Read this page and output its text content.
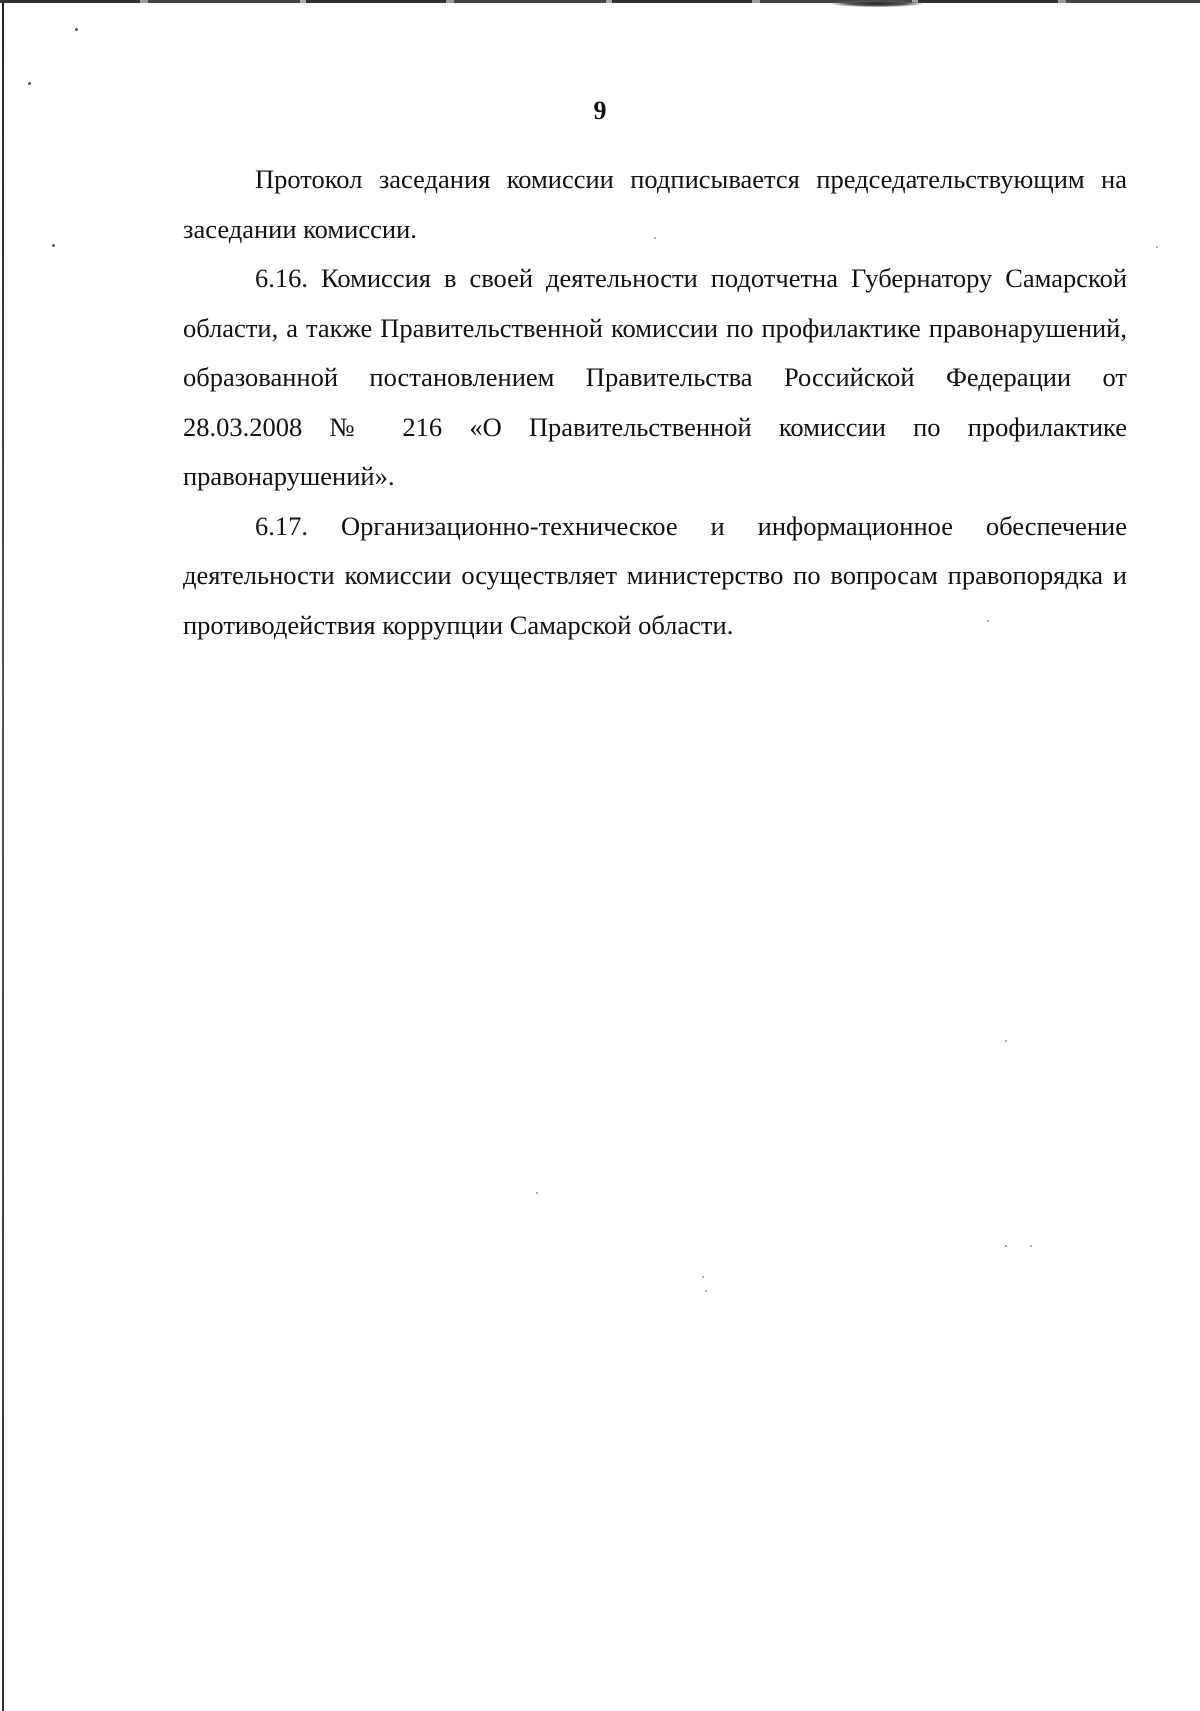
9

Протокол заседания комиссии подписывается председательствующим на заседании комиссии.

6.16. Комиссия в своей деятельности подотчетна Губернатору Самарской области, а также Правительственной комиссии по профилактике правонарушений, образованной постановлением Правительства Российской Федерации от 28.03.2008 № 216 «О Правительственной комиссии по профилактике правонарушений».

6.17. Организационно-техническое и информационное обеспечение деятельности комиссии осуществляет министерство по вопросам правопорядка и противодействия коррупции Самарской области.
